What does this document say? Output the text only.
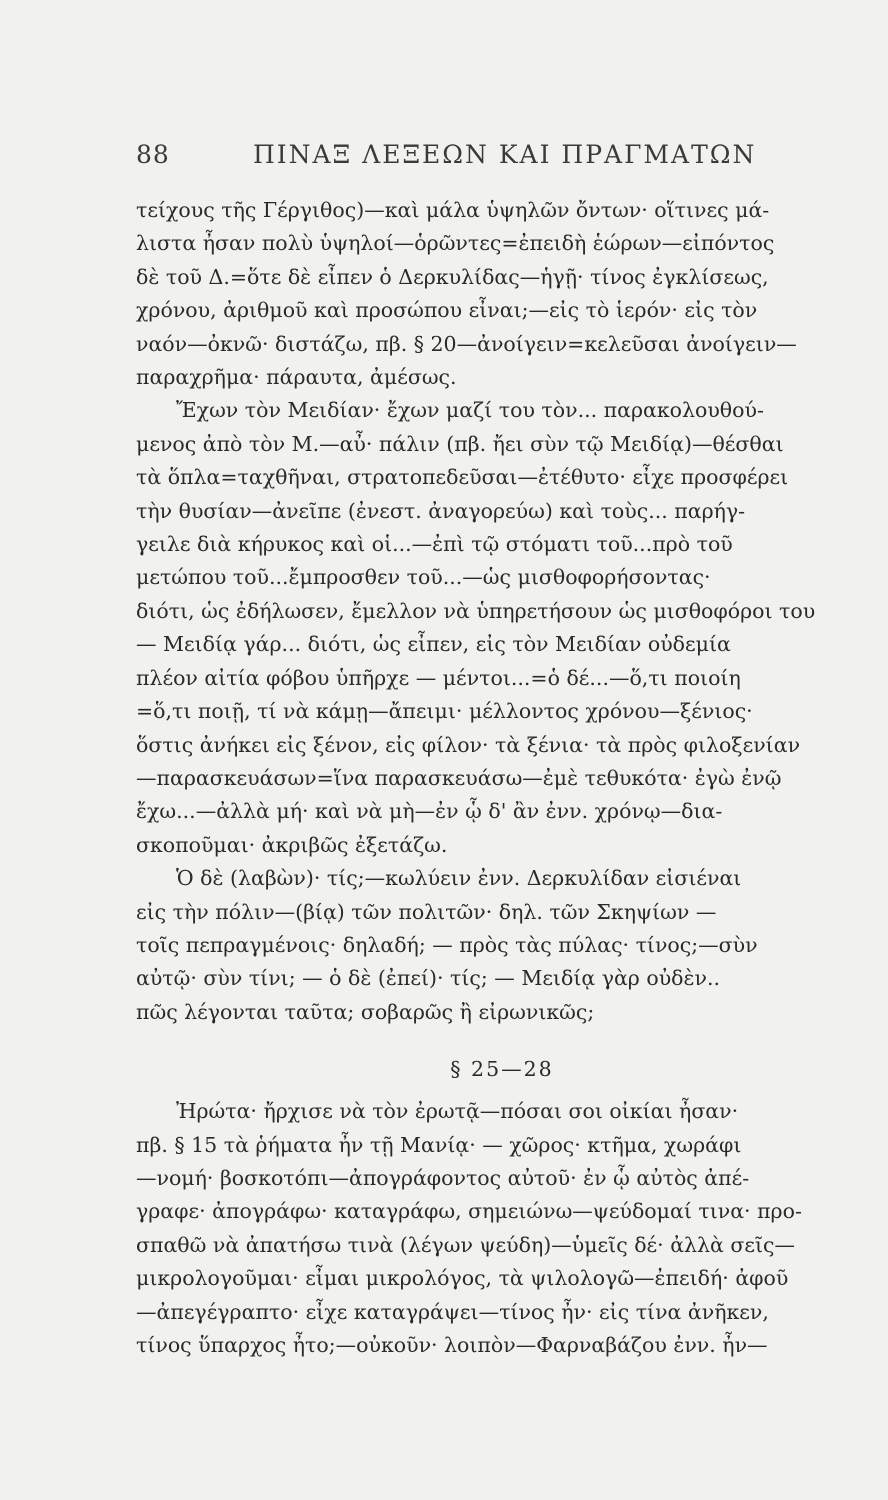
88	ΠΙΝΑΞ ΛΕΞΕΩΝ ΚΑΙ ΠΡΑΓΜΑΤΩΝ
τείχους τῆς Γέργιθος)—καὶ μάλα ὑψηλῶν ὄντων· οἵτινες μά-
λιστα ἦσαν πολὺ ὑψηλοί—ὁρῶντες=ἐπειδὴ ἑώρων—εἰπόντος
δὲ τοῦ Δ.=ὅτε δὲ εἶπεν ὁ Δερκυλίδας—ἡγῇ· τίνος ἐγκλίσεως,
χρόνου, ἀριθμοῦ καὶ προσώπου εἶναι;—εἰς τὸ ἱερόν· εἰς τὸν
ναόν—ὀκνῶ· διστάζω, πβ. § 20—ἀνοίγειν=κελεῦσαι ἀνοίγειν—
παραχρῆμα· πάραυτα, ἀμέσως.
Ἔχων τὸν Μειδίαν· ἔχων μαζί του τὸν... παρακολουθού-
μενος ἀπὸ τὸν Μ.—αὖ· πάλιν (πβ. ἤει σὺν τῷ Μειδίᾳ)—θέσθαι
τὰ ὅπλα=ταχθῆναι, στρατοπεδεῦσαι—ἐτέθυτο· εἶχε προσφέρει
τὴν θυσίαν—ἀνεῖπε (ἐνεστ. ἀναγορεύω) καὶ τοὺς... παρήγ-
γειλε διὰ κήρυκος καὶ οἱ...—ἐπὶ τῷ στόματι τοῦ...πρὸ τοῦ
μετώπου τοῦ...ἔμπροσθεν τοῦ...—ὡς μισθοφορήσοντας·
διότι, ὡς ἐδήλωσεν, ἔμελλον νὰ ὑπηρετήσουν ὡς μισθοφόροι του
— Μειδίᾳ γάρ... διότι, ὡς εἶπεν, εἰς τὸν Μειδίαν οὐδεμία
πλέον αἰτία φόβου ὑπῆρχε — μέντοι...=ὁ δέ...—ὅ,τι ποιοίη
=ὅ,τι ποιῇ, τί νὰ κάμῃ—ἄπειμι· μέλλοντος χρόνου—ξένιος·
ὅστις ἀνήκει εἰς ξένον, εἰς φίλον· τὰ ξένια· τὰ πρὸς φιλοξενίαν
—παρασκευάσων=ἵνα παρασκευάσω—ἐμὲ τεθυκότα· ἐγὼ ἐνῷ
ἔχω...—ἀλλὰ μή· καὶ νὰ μὴ—ἐν ᾧ δ' ἂν ἐνν. χρόνῳ—δια-
σκοποῦμαι· ἀκριβῶς ἐξετάζω.
Ὁ δὲ (λαβὼν)· τίς;—κωλύειν ἐνν. Δερκυλίδαν εἰσιέναι
εἰς τὴν πόλιν—(βίᾳ) τῶν πολιτῶν· δηλ. τῶν Σκηψίων —
τοῖς πεπραγμένοις· δηλαδή; — πρὸς τὰς πύλας· τίνος;—σὺν
αὐτῷ· σὺν τίνι; — ὁ δὲ (ἐπεί)· τίς; — Μειδίᾳ γὰρ οὐδὲν..
πῶς λέγονται ταῦτα; σοβαρῶς ἢ εἰρωνικῶς;
§ 25—28
Ἠρώτα· ἤρχισε νὰ τὸν ἐρωτᾷ—πόσαι σοι οἰκίαι ἦσαν·
πβ. § 15 τὰ ῥήματα ἦν τῇ Μανίᾳ· — χῶρος· κτῆμα, χωράφι
—νομή· βοσκοτόπι—ἀπογράφοντος αὐτοῦ· ἐν ᾧ αὐτὸς ἀπέ-
γραφε· ἀπογράφω· καταγράφω, σημειώνω—ψεύδομαί τινα· προ-
σπαθῶ νὰ ἀπατήσω τινὰ (λέγων ψεύδη)—ὑμεῖς δέ· ἀλλὰ σεῖς—
μικρολογοῦμαι· εἶμαι μικρολόγος, τὰ ψιλολογῶ—ἐπειδή· ἀφοῦ
—ἀπεγέγραπτο· εἶχε καταγράψει—τίνος ἦν· εἰς τίνα ἀνῆκεν,
τίνος ὕπαρχος ἦτο;—οὐκοῦν· λοιπὸν—Φαρναβάζου ἐνν. ἦν—
